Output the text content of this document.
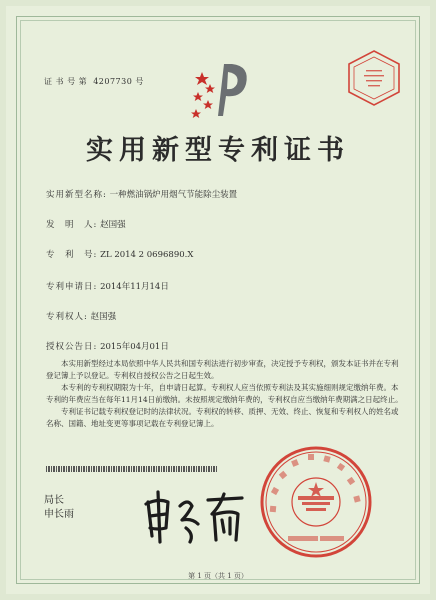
证 书 号 第 4207730 号
实用新型专利证书
实用新型名称: 一种燃油锅炉用烟气节能除尘装置
发　明　人: 赵国强
专　利　号: ZL 2014 2 0696890.X
专利申请日: 2014年11月14日
专利权人: 赵国强
授权公告日: 2015年04月01日

本实用新型经过本局依照中华人民共和国专利法进行初步审查，决定授予专利权，颁发本证书并在专利登记簿上予以登记。专利权自授权公告之日起生效。

本专利的专利权期限为十年，自申请日起算。专利权人应当依照专利法及其实施细则规定缴纳年费。本专利的年费应当在每年11月14日前缴纳。未按照规定缴纳年费的，专利权自应当缴纳年费期满之日起终止。

专利证书记载专利权登记时的法律状况。专利权的转移、质押、无效、终止、恢复和专利权人的姓名或名称、国籍、地址变更等事项记载在专利登记簿上。

局长
申长雨
第 1 页（共 1 页）
